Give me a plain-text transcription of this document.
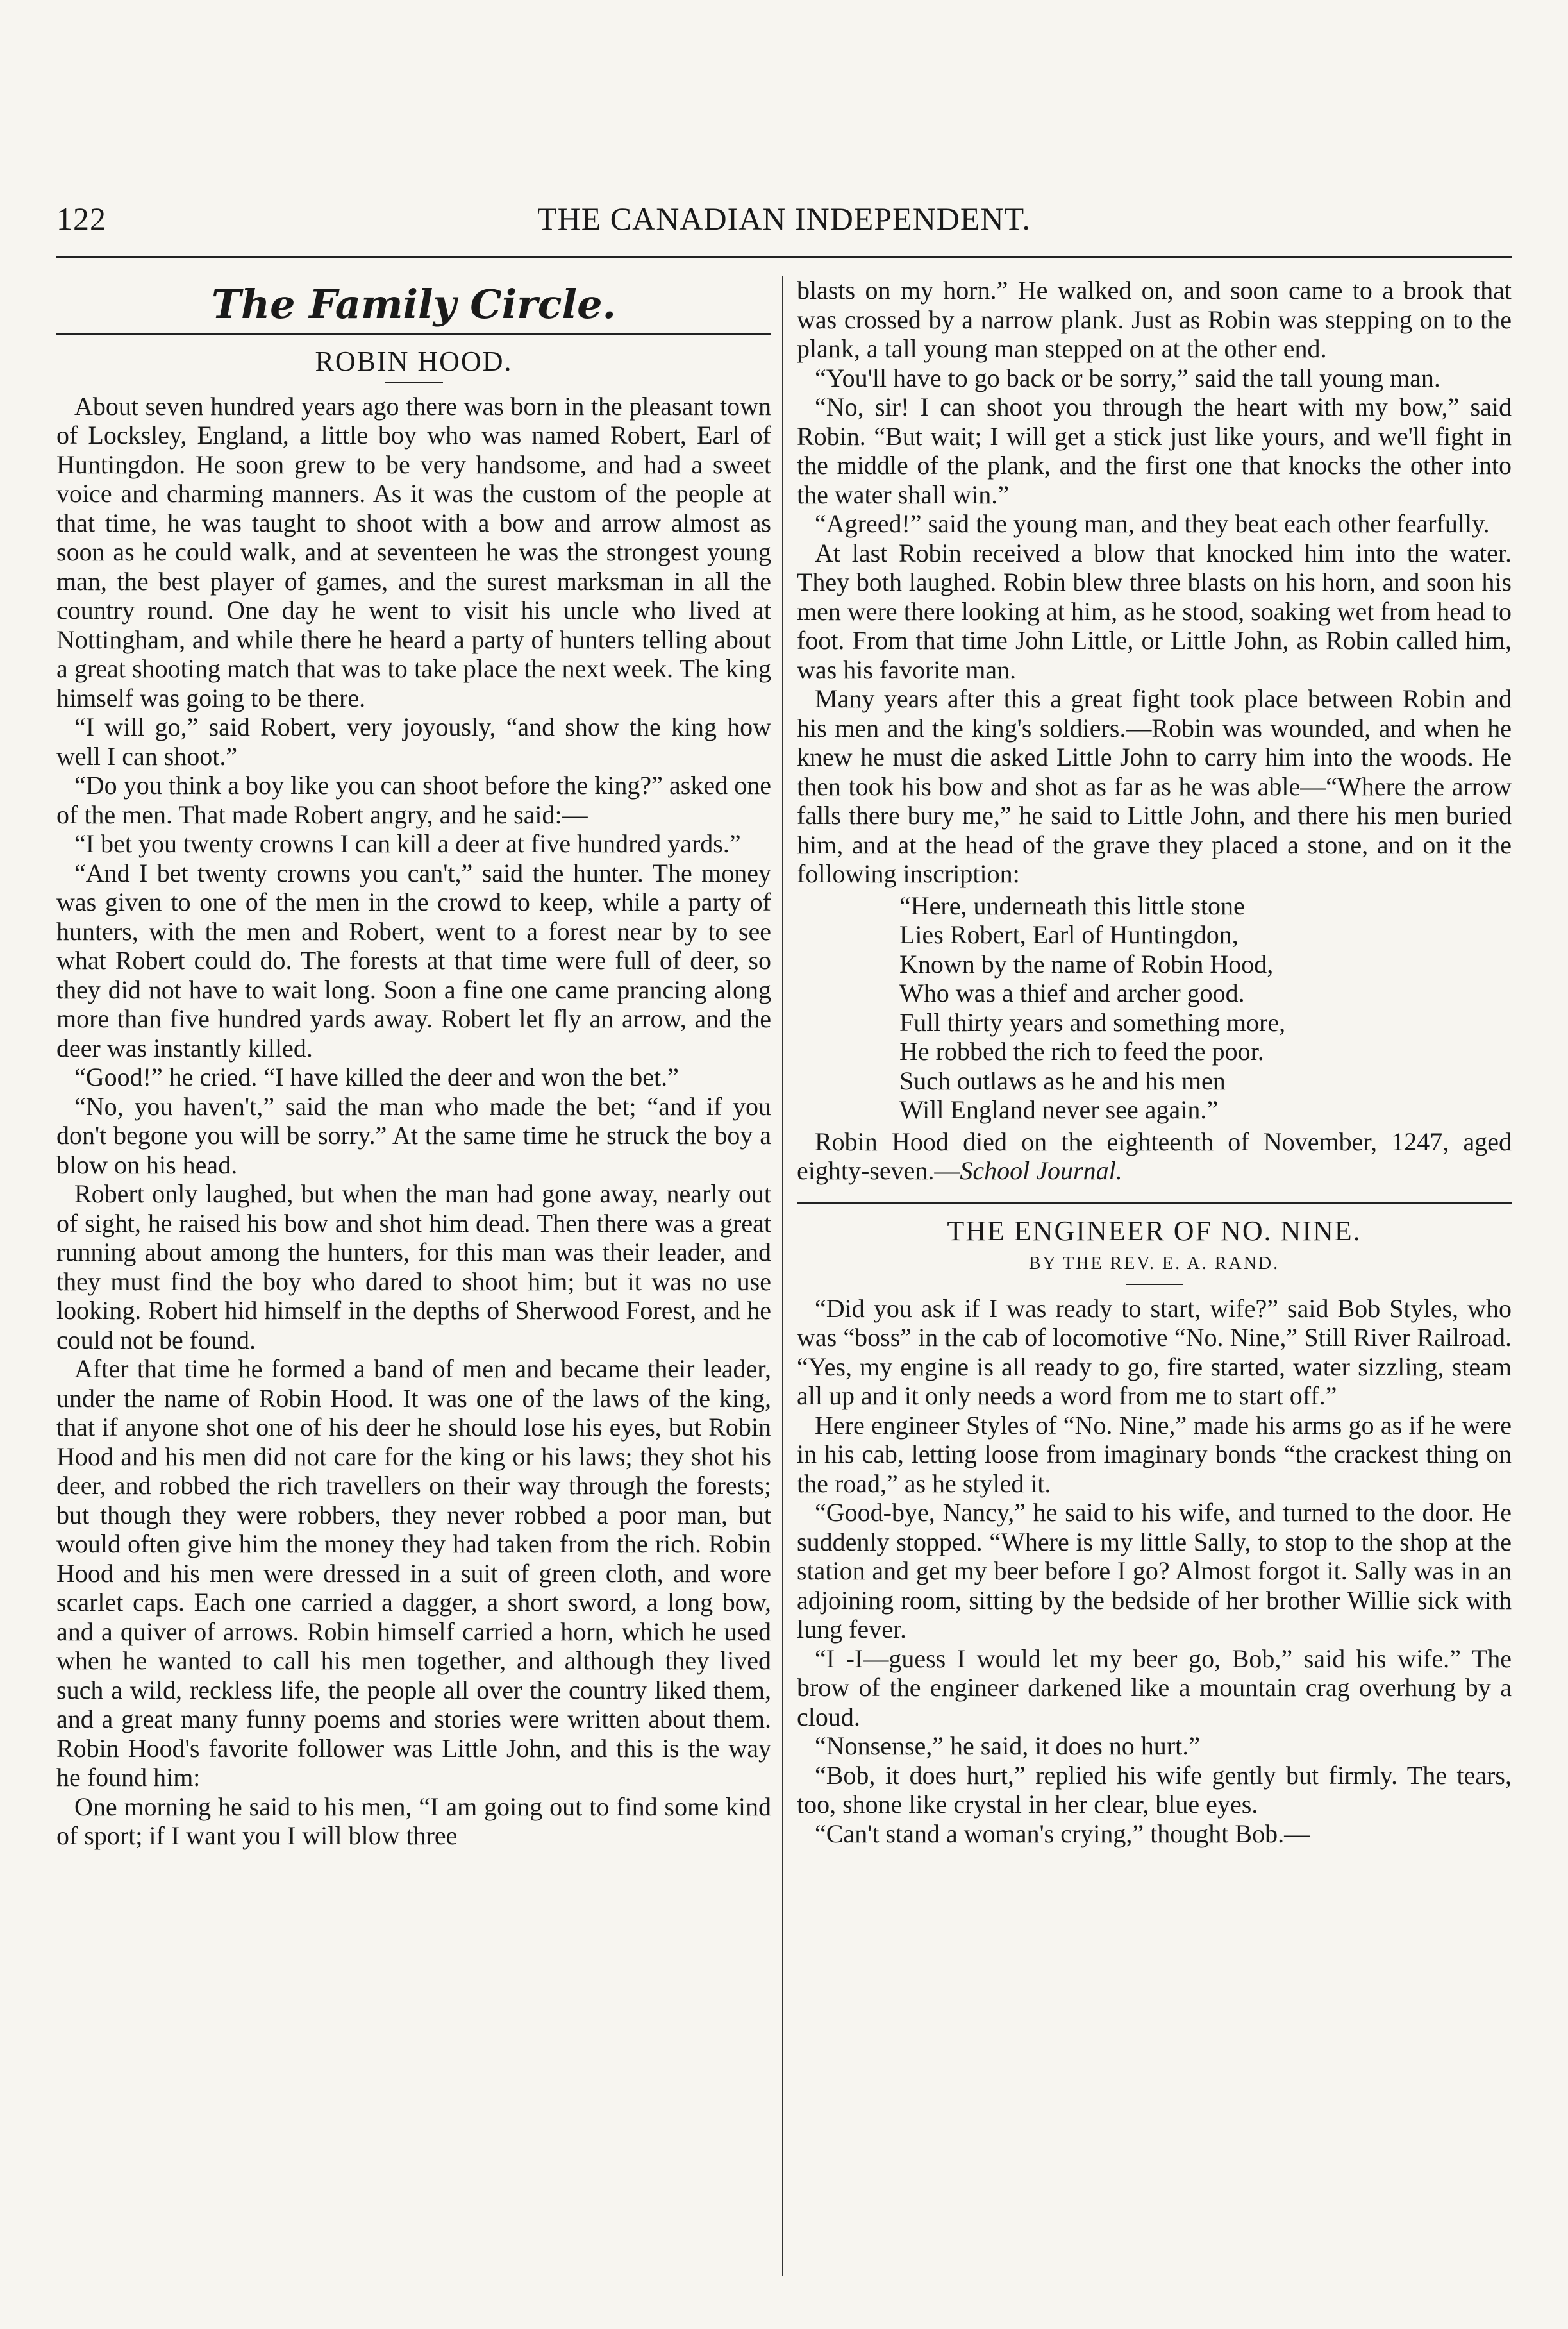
122	THE CANADIAN INDEPENDENT.
The Family Circle.
ROBIN HOOD.

About seven hundred years ago there was born in the pleasant town of Locksley, England, a little boy who was named Robert, Earl of Huntingdon. He soon grew to be very handsome, and had a sweet voice and charming manners. As it was the custom of the people at that time, he was taught to shoot with a bow and arrow almost as soon as he could walk, and at seventeen he was the strongest young man, the best player of games, and the surest marksman in all the country round. One day he went to visit his uncle who lived at Nottingham, and while there he heard a party of hunters telling about a great shooting match that was to take place the next week. The king himself was going to be there.

“I will go,” said Robert, very joyously, “and show the king how well I can shoot.”

“Do you think a boy like you can shoot before the king?” asked one of the men. That made Robert angry, and he said:—

“I bet you twenty crowns I can kill a deer at five hundred yards.”

“And I bet twenty crowns you can't,” said the hunter. The money was given to one of the men in the crowd to keep, while a party of hunters, with the men and Robert, went to a forest near by to see what Robert could do. The forests at that time were full of deer, so they did not have to wait long. Soon a fine one came prancing along more than five hundred yards away. Robert let fly an arrow, and the deer was instantly killed.

“Good!” he cried. “I have killed the deer and won the bet.”

“No, you haven't,” said the man who made the bet; “and if you don't begone you will be sorry.” At the same time he struck the boy a blow on his head.

Robert only laughed, but when the man had gone away, nearly out of sight, he raised his bow and shot him dead. Then there was a great running about among the hunters, for this man was their leader, and they must find the boy who dared to shoot him; but it was no use looking. Robert hid himself in the depths of Sherwood Forest, and he could not be found.

After that time he formed a band of men and became their leader, under the name of Robin Hood. It was one of the laws of the king, that if anyone shot one of his deer he should lose his eyes, but Robin Hood and his men did not care for the king or his laws; they shot his deer, and robbed the rich travellers on their way through the forests; but though they were robbers, they never robbed a poor man, but would often give him the money they had taken from the rich. Robin Hood and his men were dressed in a suit of green cloth, and wore scarlet caps. Each one carried a dagger, a short sword, a long bow, and a quiver of arrows. Robin himself carried a horn, which he used when he wanted to call his men together, and although they lived such a wild, reckless life, the people all over the country liked them, and a great many funny poems and stories were written about them. Robin Hood's favorite follower was Little John, and this is the way he found him:

One morning he said to his men, “I am going out to find some kind of sport; if I want you I will blow three

blasts on my horn.” He walked on, and soon came to a brook that was crossed by a narrow plank. Just as Robin was stepping on to the plank, a tall young man stepped on at the other end.

“You'll have to go back or be sorry,” said the tall young man.

“No, sir! I can shoot you through the heart with my bow,” said Robin. “But wait; I will get a stick just like yours, and we'll fight in the middle of the plank, and the first one that knocks the other into the water shall win.”

“Agreed!” said the young man, and they beat each other fearfully.

At last Robin received a blow that knocked him into the water. They both laughed. Robin blew three blasts on his horn, and soon his men were there looking at him, as he stood, soaking wet from head to foot. From that time John Little, or Little John, as Robin called him, was his favorite man.

Many years after this a great fight took place between Robin and his men and the king's soldiers.—Robin was wounded, and when he knew he must die asked Little John to carry him into the woods. He then took his bow and shot as far as he was able—“Where the arrow falls there bury me,” he said to Little John, and there his men buried him, and at the head of the grave they placed a stone, and on it the following inscription:

“Here, underneath this little stone
Lies Robert, Earl of Huntingdon,
Known by the name of Robin Hood,
Who was a thief and archer good.
Full thirty years and something more,
He robbed the rich to feed the poor.
Such outlaws as he and his men
Will England never see again.”

Robin Hood died on the eighteenth of November, 1247, aged eighty-seven.—School Journal.

THE ENGINEER OF NO. NINE.
BY THE REV. E. A. RAND.

“Did you ask if I was ready to start, wife?” said Bob Styles, who was “boss” in the cab of locomotive “No. Nine,” Still River Railroad. “Yes, my engine is all ready to go, fire started, water sizzling, steam all up and it only needs a word from me to start off.”

Here engineer Styles of “No. Nine,” made his arms go as if he were in his cab, letting loose from imaginary bonds “the crackest thing on the road,” as he styled it.

“Good-bye, Nancy,” he said to his wife, and turned to the door. He suddenly stopped. “Where is my little Sally, to stop to the shop at the station and get my beer before I go? Almost forgot it. Sally was in an adjoining room, sitting by the bedside of her brother Willie sick with lung fever.

“I -I—guess I would let my beer go, Bob,” said his wife.” The brow of the engineer darkened like a mountain crag overhung by a cloud.

“Nonsense,” he said, it does no hurt.”

“Bob, it does hurt,” replied his wife gently but firmly. The tears, too, shone like crystal in her clear, blue eyes.

“Can't stand a woman's crying,” thought Bob.—
